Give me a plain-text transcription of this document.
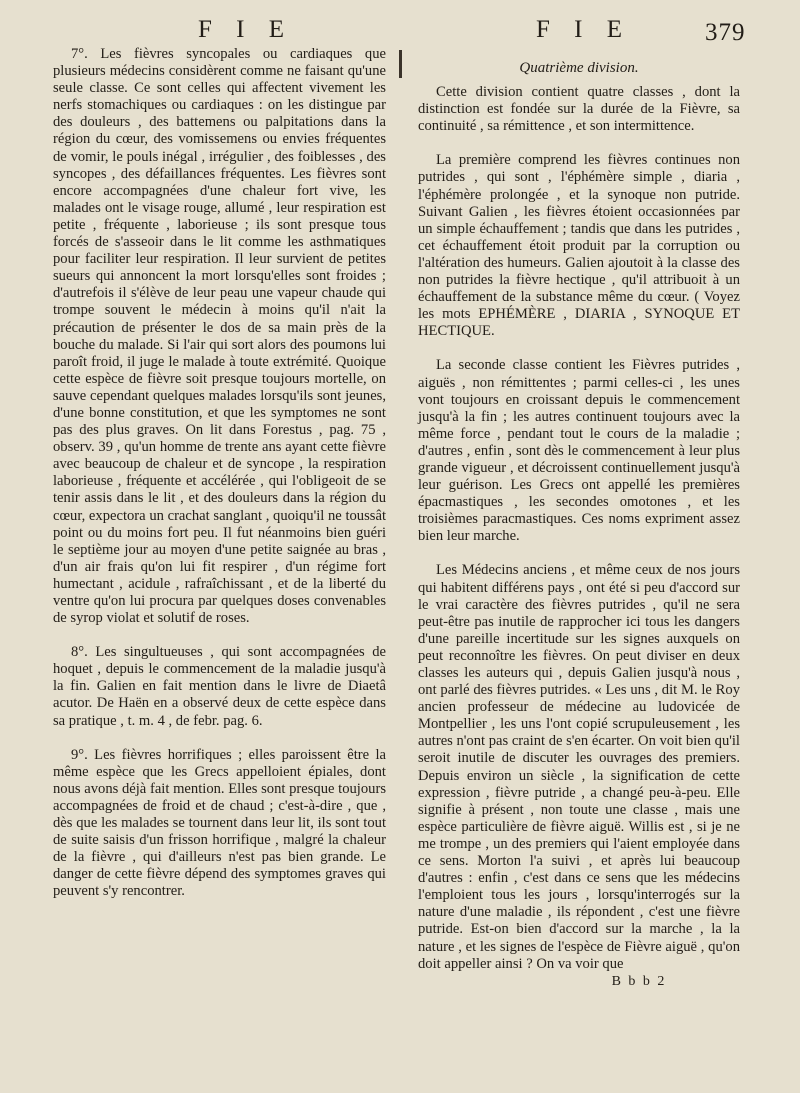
F I E	F I E	379

7°. Les fièvres syncopales ou cardiaques que plusieurs médecins considèrent comme ne faisant qu'une seule classe. Ce sont celles qui affectent vivement les nerfs stomachiques ou cardiaques : on les distingue par des douleurs , des battemens ou palpitations dans la région du cœur, des vomissemens ou envies fréquentes de vomir, le pouls inégal , irrégulier , des foiblesses , des syncopes , des défaillances fréquentes. Les fièvres sont encore accompagnées d'une chaleur fort vive, les malades ont le visage rouge, allumé , leur respiration est petite , fréquente , laborieuse ; ils sont presque tous forcés de s'asseoir dans le lit comme les asthmatiques pour faciliter leur respiration. Il leur survient de petites sueurs qui annoncent la mort lorsqu'elles sont froides ; d'autrefois il s'élève de leur peau une vapeur chaude qui trompe souvent le médecin à moins qu'il n'ait la précaution de présenter le dos de sa main près de la bouche du malade. Si l'air qui sort alors des poumons lui paroît froid, il juge le malade à toute extrémité. Quoique cette espèce de fièvre soit presque toujours mortelle, on sauve cependant quelques malades lorsqu'ils sont jeunes, d'une bonne constitution, et que les symptomes ne sont pas des plus graves. On lit dans Forestus , pag. 75 , observ. 39 , qu'un homme de trente ans ayant cette fièvre avec beaucoup de chaleur et de syncope , la respiration laborieuse , fréquente et accélérée , qui l'obligeoit de se tenir assis dans le lit , et des douleurs dans la région du cœur, expectora un crachat sanglant , quoiqu'il ne toussât point ou du moins fort peu. Il fut néanmoins bien guéri le septième jour au moyen d'une petite saignée au bras , d'un air frais qu'on lui fit respirer , d'un régime fort humectant , acidule , rafraîchissant , et de la liberté du ventre qu'on lui procura par quelques doses convenables de syrop violat et solutif de roses.

8°. Les singultueuses , qui sont accompagnées de hoquet , depuis le commencement de la maladie jusqu'à la fin. Galien en fait mention dans le livre de Diaetâ acutor. De Haën en a observé deux de cette espèce dans sa pratique , t. m. 4 , de febr. pag. 6.

9°. Les fièvres horrifiques ; elles paroissent être la même espèce que les Grecs appelloient épiales, dont nous avons déjà fait mention. Elles sont presque toujours accompagnées de froid et de chaud ; c'est-à-dire , que , dès que les malades se tournent dans leur lit, ils sont tout de suite saisis d'un frisson horrifique , malgré la chaleur de la fièvre , qui d'ailleurs n'est pas bien grande. Le danger de cette fièvre dépend des symptomes graves qui peuvent s'y rencontrer.

Quatrième division.

Cette division contient quatre classes , dont la distinction est fondée sur la durée de la Fièvre, sa continuité , sa rémittence , et son intermittence.

La première comprend les fièvres continues non putrides , qui sont , l'éphémère simple , diaria , l'éphémère prolongée , et la synoque non putride. Suivant Galien , les fièvres étoient occasionnées par un simple échauffement ; tandis que dans les putrides , cet échauffement étoit produit par la corruption ou l'altération des humeurs. Galien ajoutoit à la classe des non putrides la fièvre hectique , qu'il attribuoit à un échauffement de la substance même du cœur. ( Voyez les mots EPHÉMÈRE , DIARIA , SYNOQUE ET HECTIQUE.

La seconde classe contient les Fièvres putrides , aiguës , non rémittentes ; parmi celles-ci , les unes vont toujours en croissant depuis le commencement jusqu'à la fin ; les autres continuent toujours avec la même force , pendant tout le cours de la maladie ; d'autres , enfin , sont dès le commencement à leur plus grande vigueur , et décroissent continuellement jusqu'à leur guérison. Les Grecs ont appellé les premières épacmastiques , les secondes omotones , et les troisièmes paracmastiques. Ces noms expriment assez bien leur marche.

Les Médecins anciens , et même ceux de nos jours qui habitent différens pays , ont été si peu d'accord sur le vrai caractère des fièvres putrides , qu'il ne sera peut-être pas inutile de rapprocher ici tous les dangers d'une pareille incertitude sur les signes auxquels on peut reconnoître les fièvres. On peut diviser en deux classes les auteurs qui , depuis Galien jusqu'à nous , ont parlé des fièvres putrides. « Les uns , dit M. le Roy ancien professeur de médecine au ludovicée de Montpellier , les uns l'ont copié scrupuleusement , les autres n'ont pas craint de s'en écarter. On voit bien qu'il seroit inutile de discuter les ouvrages des premiers. Depuis environ un siècle , la signification de cette expression , fièvre putride , a changé peu-à-peu. Elle signifie à présent , non toute une classe , mais une espèce particulière de fièvre aiguë. Willis est , si je ne me trompe , un des premiers qui l'aient employée dans ce sens. Morton l'a suivi , et après lui beaucoup d'autres : enfin , c'est dans ce sens que les médecins l'emploient tous les jours , lorsqu'interrogés sur la nature d'une maladie , ils répondent , c'est une fièvre putride. Est-on bien d'accord sur la marche , la la nature , et les signes de l'espèce de Fièvre aiguë , qu'on doit appeller ainsi ? On va voir que

B b b 2
